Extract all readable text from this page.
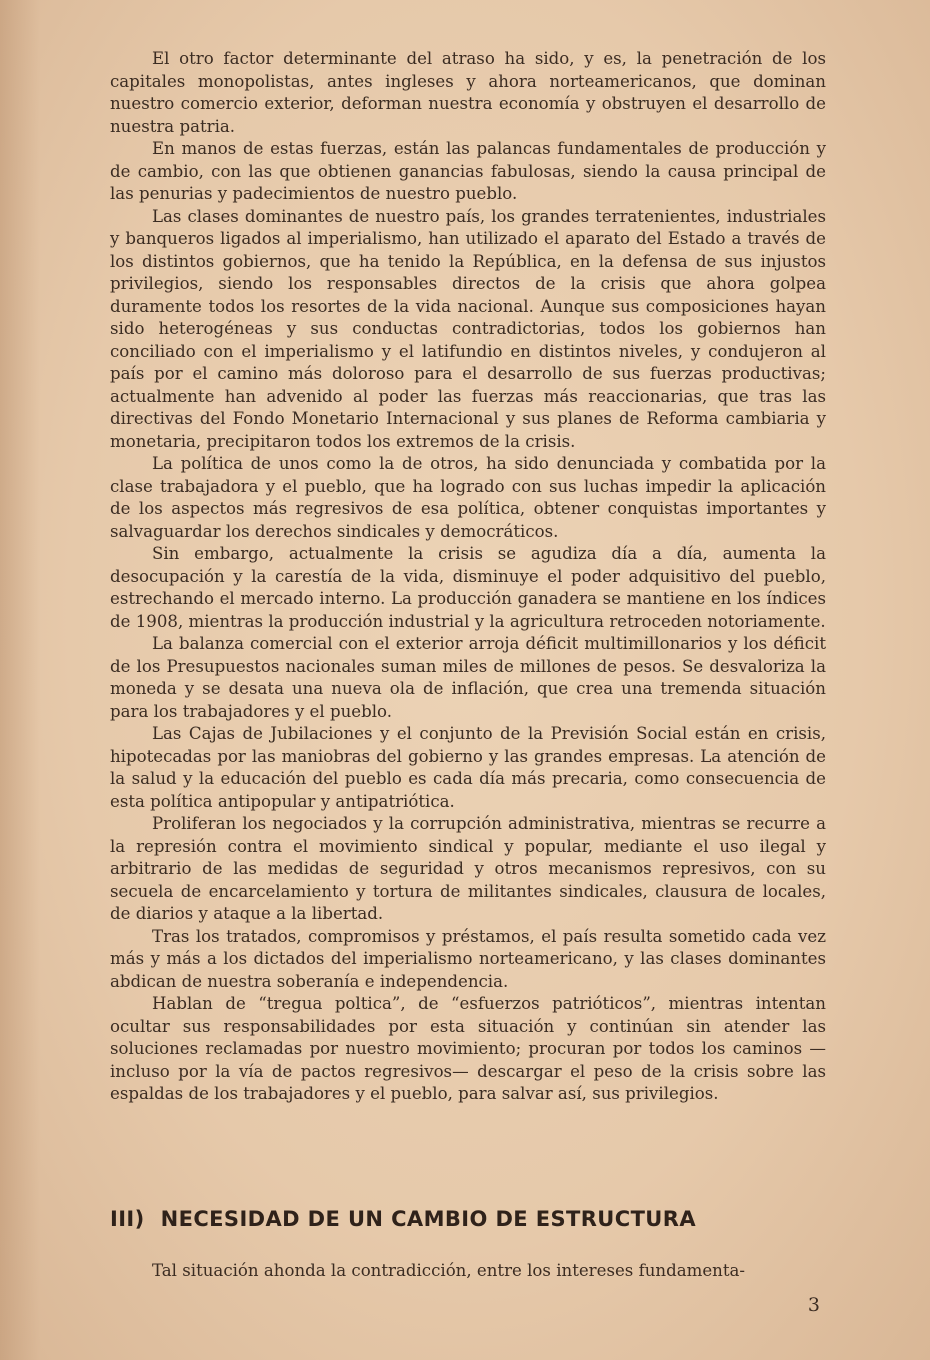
El otro factor determinante del atraso ha sido, y es, la penetración de los capitales monopolistas, antes ingleses y ahora norteamericanos, que dominan nuestro comercio exterior, deforman nuestra economía y obstruyen el desarrollo de nuestra patria.

En manos de estas fuerzas, están las palancas fundamentales de producción y de cambio, con las que obtienen ganancias fabulosas, siendo la causa principal de las penurias y padecimientos de nuestro pueblo.

Las clases dominantes de nuestro país, los grandes terratenientes, industriales y banqueros ligados al imperialismo, han utilizado el aparato del Estado a través de los distintos gobiernos, que ha tenido la República, en la defensa de sus injustos privilegios, siendo los responsables directos de la crisis que ahora golpea duramente todos los resortes de la vida nacional. Aunque sus composiciones hayan sido heterogéneas y sus conductas contradictorias, todos los gobiernos han conciliado con el imperialismo y el latifundio en distintos niveles, y condujeron al país por el camino más doloroso para el desarrollo de sus fuerzas productivas; actualmente han advenido al poder las fuerzas más reaccionarias, que tras las directivas del Fondo Monetario Internacional y sus planes de Reforma cambiaria y monetaria, precipitaron todos los extremos de la crisis.

La política de unos como la de otros, ha sido denunciada y combatida por la clase trabajadora y el pueblo, que ha logrado con sus luchas impedir la aplicación de los aspectos más regresivos de esa política, obtener conquistas importantes y salvaguardar los derechos sindicales y democráticos.

Sin embargo, actualmente la crisis se agudiza día a día, aumenta la desocupación y la carestía de la vida, disminuye el poder adquisitivo del pueblo, estrechando el mercado interno. La producción ganadera se mantiene en los índices de 1908, mientras la producción industrial y la agricultura retroceden notoriamente.

La balanza comercial con el exterior arroja déficit multimillonarios y los déficit de los Presupuestos nacionales suman miles de millones de pesos. Se desvaloriza la moneda y se desata una nueva ola de inflación, que crea una tremenda situación para los trabajadores y el pueblo.

Las Cajas de Jubilaciones y el conjunto de la Previsión Social están en crisis, hipotecadas por las maniobras del gobierno y las grandes empresas. La atención de la salud y la educación del pueblo es cada día más precaria, como consecuencia de esta política antipopular y antipatriótica.

Proliferan los negociados y la corrupción administrativa, mientras se recurre a la represión contra el movimiento sindical y popular, mediante el uso ilegal y arbitrario de las medidas de seguridad y otros mecanismos represivos, con su secuela de encarcelamiento y tortura de militantes sindicales, clausura de locales, de diarios y ataque a la libertad.

Tras los tratados, compromisos y préstamos, el país resulta sometido cada vez más y más a los dictados del imperialismo norteamericano, y las clases dominantes abdican de nuestra soberanía e independencia.

Hablan de “tregua poltica”, de “esfuerzos patrióticos”, mientras intentan ocultar sus responsabilidades por esta situación y continúan sin atender las soluciones reclamadas por nuestro movimiento; procuran por todos los caminos —incluso por la vía de pactos regresivos— descargar el peso de la crisis sobre las espaldas de los trabajadores y el pueblo, para salvar así, sus privilegios.

III) NECESIDAD DE UN CAMBIO DE ESTRUCTURA
Tal situación ahonda la contradicción, entre los intereses fundamenta-
3
